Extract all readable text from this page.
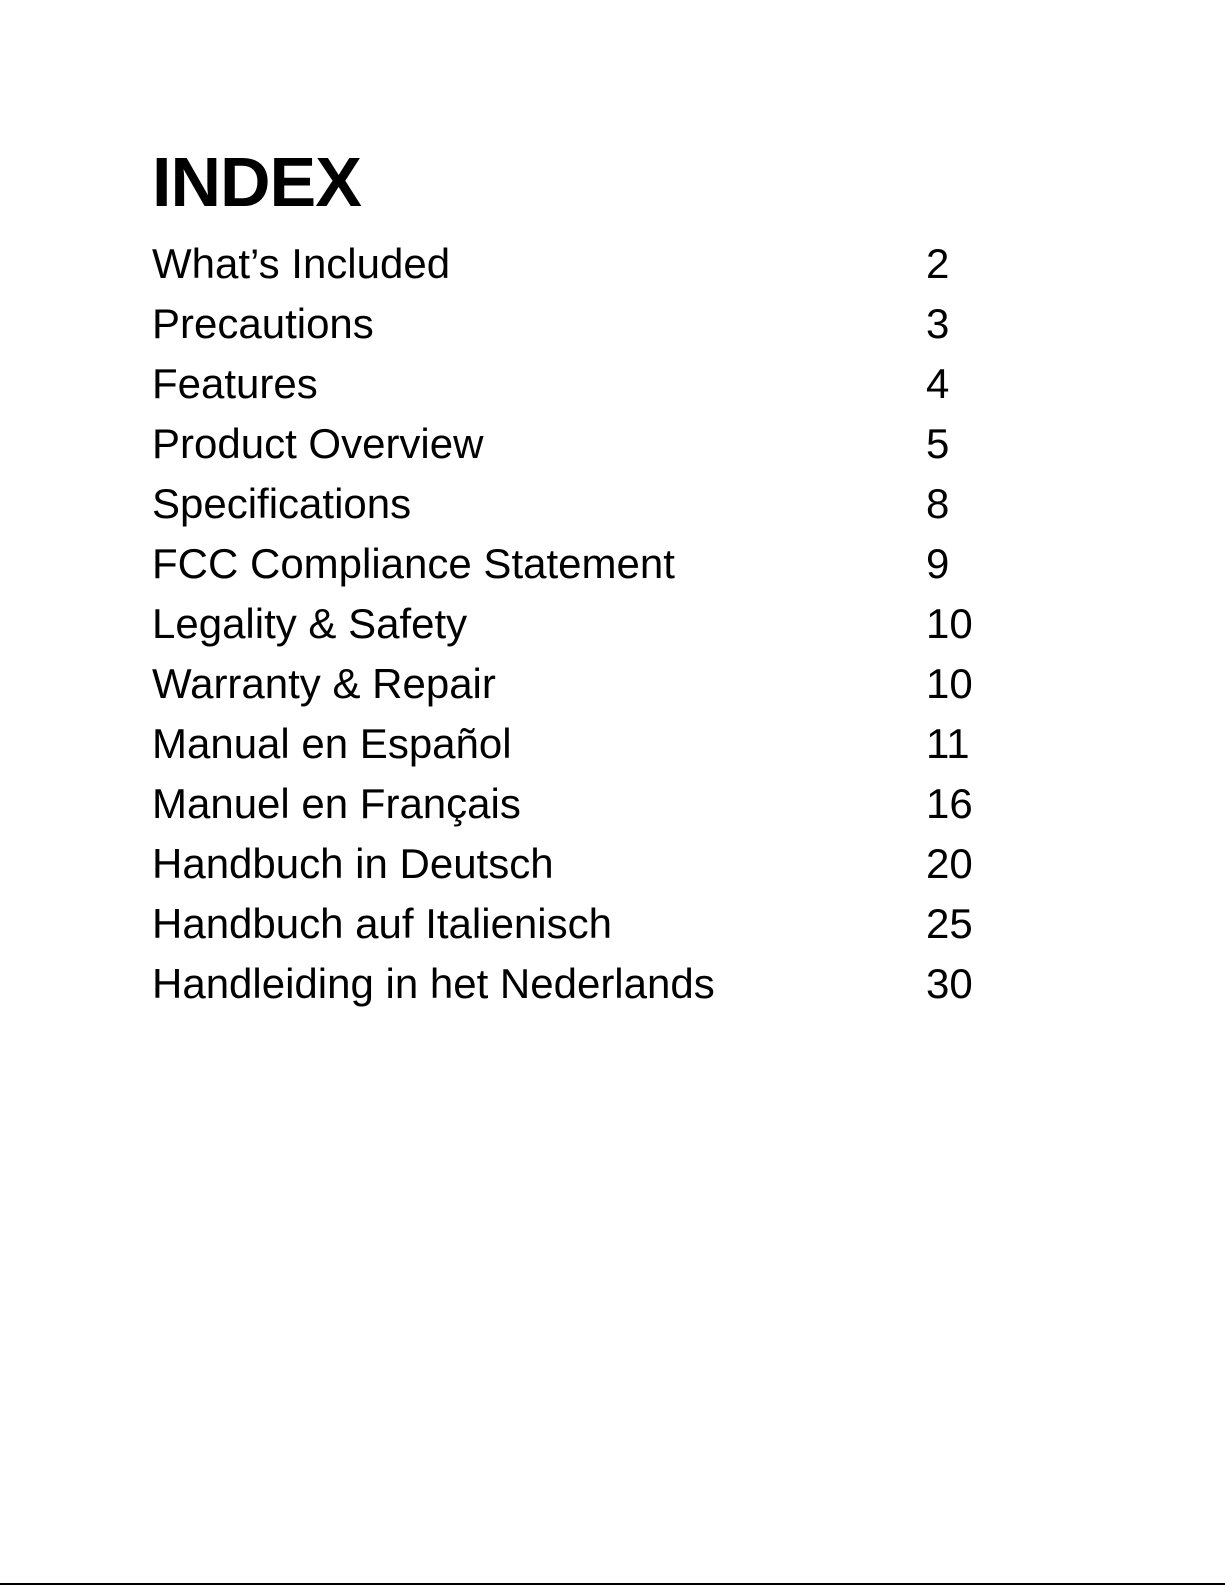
INDEX
What’s Included	2
Precautions	3
Features	4
Product Overview	5
Specifications	8
FCC Compliance Statement	9
Legality & Safety	10
Warranty & Repair	10
Manual en Español	11
Manuel en Français	16
Handbuch in Deutsch	20
Handbuch auf Italienisch	25
Handleiding in het Nederlands	30
